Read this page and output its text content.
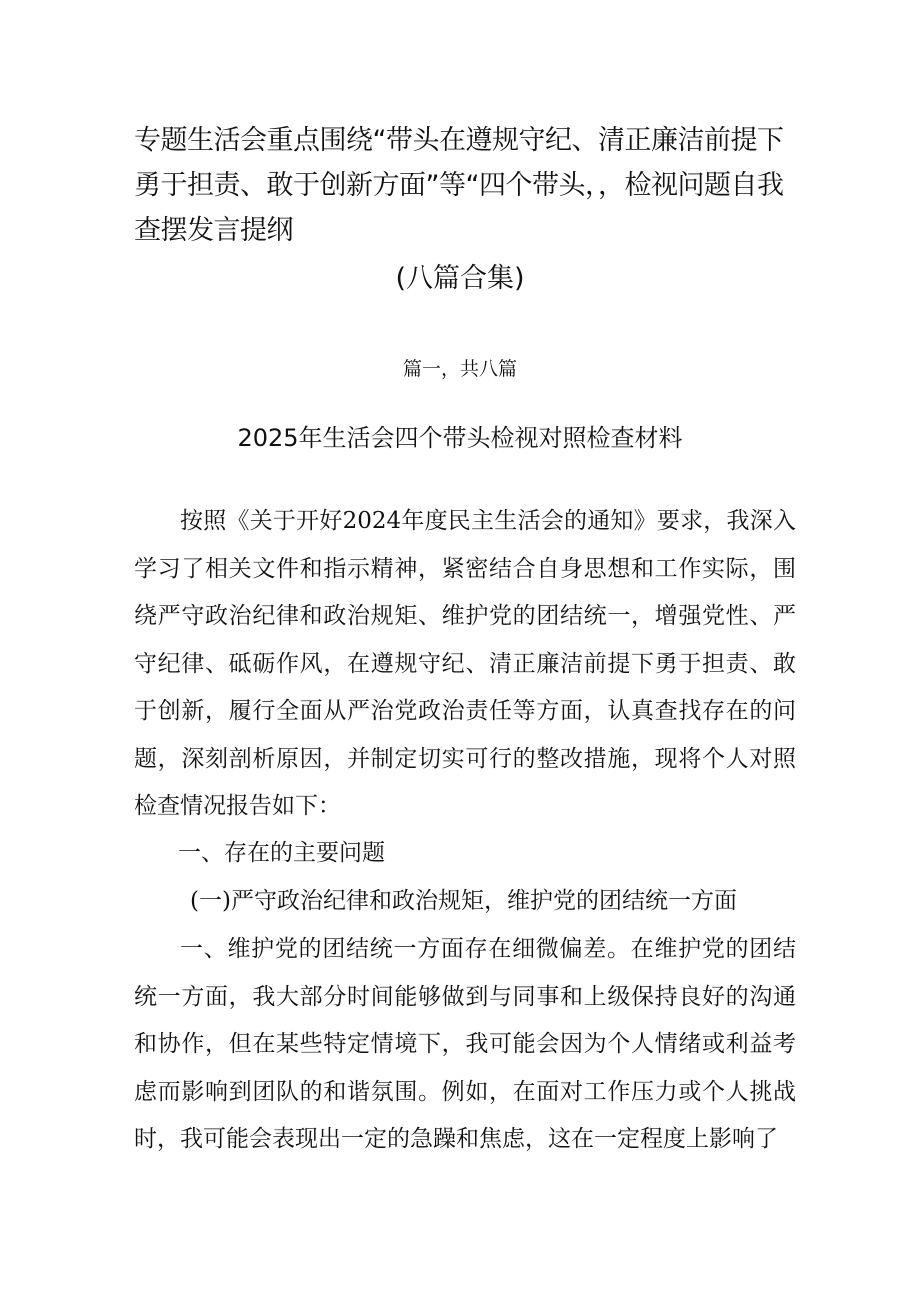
专题生活会重点围绕“带头在遵规守纪、清正廉洁前提下勇于担责、敢于创新方面”等“四个带头，，检视问题自我查摆发言提纲
(八篇合集)
篇一，共八篇
2025年生活会四个带头检视对照检查材料

按照《关于开好2024年度民主生活会的通知》要求，我深入学习了相关文件和指示精神，紧密结合自身思想和工作实际，围绕严守政治纪律和政治规矩、维护党的团结统一，增强党性、严守纪律、砥砺作风，在遵规守纪、清正廉洁前提下勇于担责、敢于创新，履行全面从严治党政治责任等方面，认真查找存在的问题，深刻剖析原因，并制定切实可行的整改措施，现将个人对照检查情况报告如下：

一、存在的主要问题
(一)严守政治纪律和政治规矩，维护党的团结统一方面

一、维护党的团结统一方面存在细微偏差。在维护党的团结统一方面，我大部分时间能够做到与同事和上级保持良好的沟通和协作，但在某些特定情境下，我可能会因为个人情绪或利益考虑而影响到团队的和谐氛围。例如，在面对工作压力或个人挑战时，我可能会表现出一定的急躁和焦虑，这在一定程度上影响了
